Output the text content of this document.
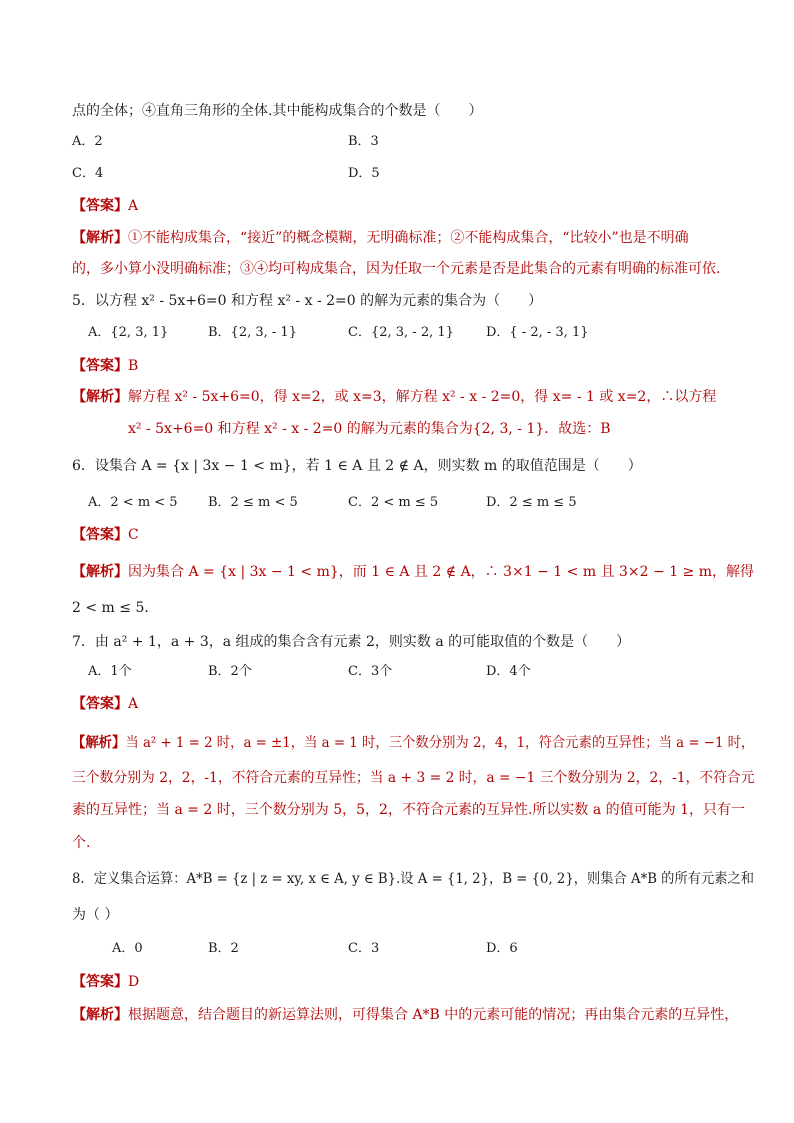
点的全体；④直角三角形的全体.其中能构成集合的个数是（　　）
A．2	B．3
C．4	D．5
【答案】A
【解析】①不能构成集合，“接近”的概念模糊，无明确标准；②不能构成集合，“比较小”也是不明确
的，多小算小没明确标准；③④均可构成集合，因为任取一个元素是否是此集合的元素有明确的标准可依.
5．以方程 x² - 5x+6=0 和方程 x² - x - 2=0 的解为元素的集合为（　　）
A．{2, 3, 1}	B．{2, 3, - 1}	C．{2, 3, - 2, 1} D．{ - 2, - 3, 1}
【答案】B
【解析】解方程 x² - 5x+6=0，得 x=2，或 x=3，解方程 x² - x - 2=0，得 x= - 1 或 x=2，∴以方程
x² - 5x+6=0 和方程 x² - x - 2=0 的解为元素的集合为{2, 3, - 1}．故选：B
6．设集合 A = {x | 3x − 1 < m}，若 1 ∈ A 且 2 ∉ A，则实数 m 的取值范围是（　　）
A．2 < m < 5 B．2 ≤ m < 5	C．2 < m ≤ 5	D．2 ≤ m ≤ 5
【答案】C
【解析】因为集合 A = {x | 3x − 1 < m}，而 1 ∈ A 且 2 ∉ A，∴ 3×1 − 1 < m 且 3×2 − 1 ≥ m，解得
2 < m ≤ 5．
7．由 a² + 1，a + 3，a 组成的集合含有元素 2，则实数 a 的可能取值的个数是（　　）
A．1个	B．2个	C．3个	D．4个
【答案】A
【解析】当 a² + 1 = 2 时，a = ±1，当 a = 1 时，三个数分别为 2，4，1，符合元素的互异性；当 a = −1 时，
三个数分别为 2，2，-1，不符合元素的互异性；当 a + 3 = 2 时，a = −1 三个数分别为 2，2，-1，不符合元
素的互异性；当 a = 2 时，三个数分别为 5，5，2，不符合元素的互异性.所以实数 a 的值可能为 1，只有一
个.
8．定义集合运算：A*B = {z | z = xy, x ∈ A, y ∈ B}.设 A = {1, 2}，B = {0, 2}，则集合 A*B 的所有元素之和
为（ ）
A．0	B．2	C．3	D．6
【答案】D
【解析】根据题意，结合题目的新运算法则，可得集合 A*B 中的元素可能的情况；再由集合元素的互异性，
